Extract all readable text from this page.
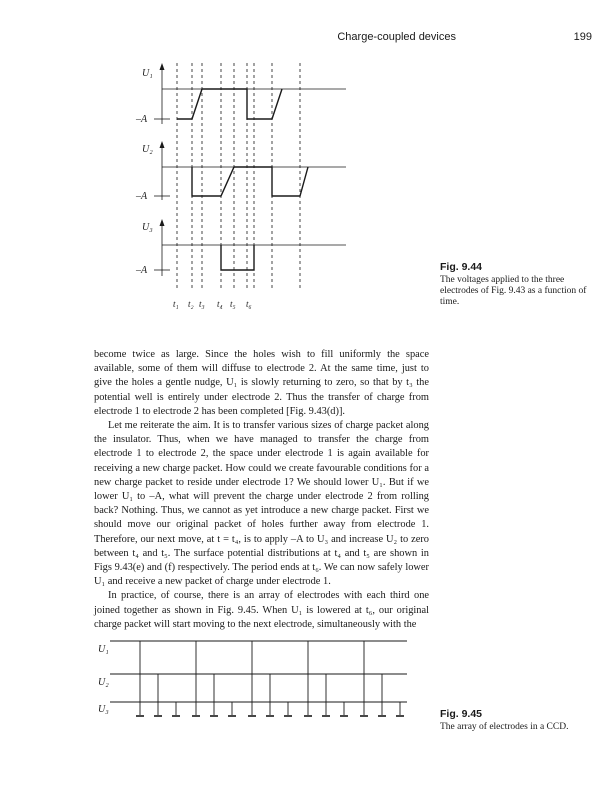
Charge-coupled devices	199
U₁
U₂
U₃
–A
–A
–A
t₁ t₂ t₃ t₄ t₅ t₆
Fig. 9.44
The voltages applied to the three electrodes of Fig. 9.43 as a function of time.

become twice as large. Since the holes wish to fill uniformly the space available, some of them will diffuse to electrode 2. At the same time, just to give the holes a gentle nudge, U₁ is slowly returning to zero, so that by t₃ the potential well is entirely under electrode 2. Thus the transfer of charge from electrode 1 to electrode 2 has been completed [Fig. 9.43(d)].

Let me reiterate the aim. It is to transfer various sizes of charge packet along the insulator. Thus, when we have managed to transfer the charge from electrode 1 to electrode 2, the space under electrode 1 is again available for receiving a new charge packet. How could we create favourable conditions for a new charge packet to reside under electrode 1? We should lower U₁. But if we lower U₁ to –A, what will prevent the charge under electrode 2 from rolling back? Nothing. Thus, we cannot as yet introduce a new charge packet. First we should move our original packet of holes further away from electrode 1. Therefore, our next move, at t = t₄, is to apply –A to U₃ and increase U₂ to zero between t₄ and t₅. The surface potential distributions at t₄ and t₅ are shown in Figs 9.43(e) and (f) respectively. The period ends at t₆. We can now safely lower U₁ and receive a new packet of charge under electrode 1.

In practice, of course, there is an array of electrodes with each third one joined together as shown in Fig. 9.45. When U₁ is lowered at t₆, our original charge packet will start moving to the next electrode, simultaneously with the

U₁
U₂
U₃	Fig. 9.45
The array of electrodes in a CCD.
